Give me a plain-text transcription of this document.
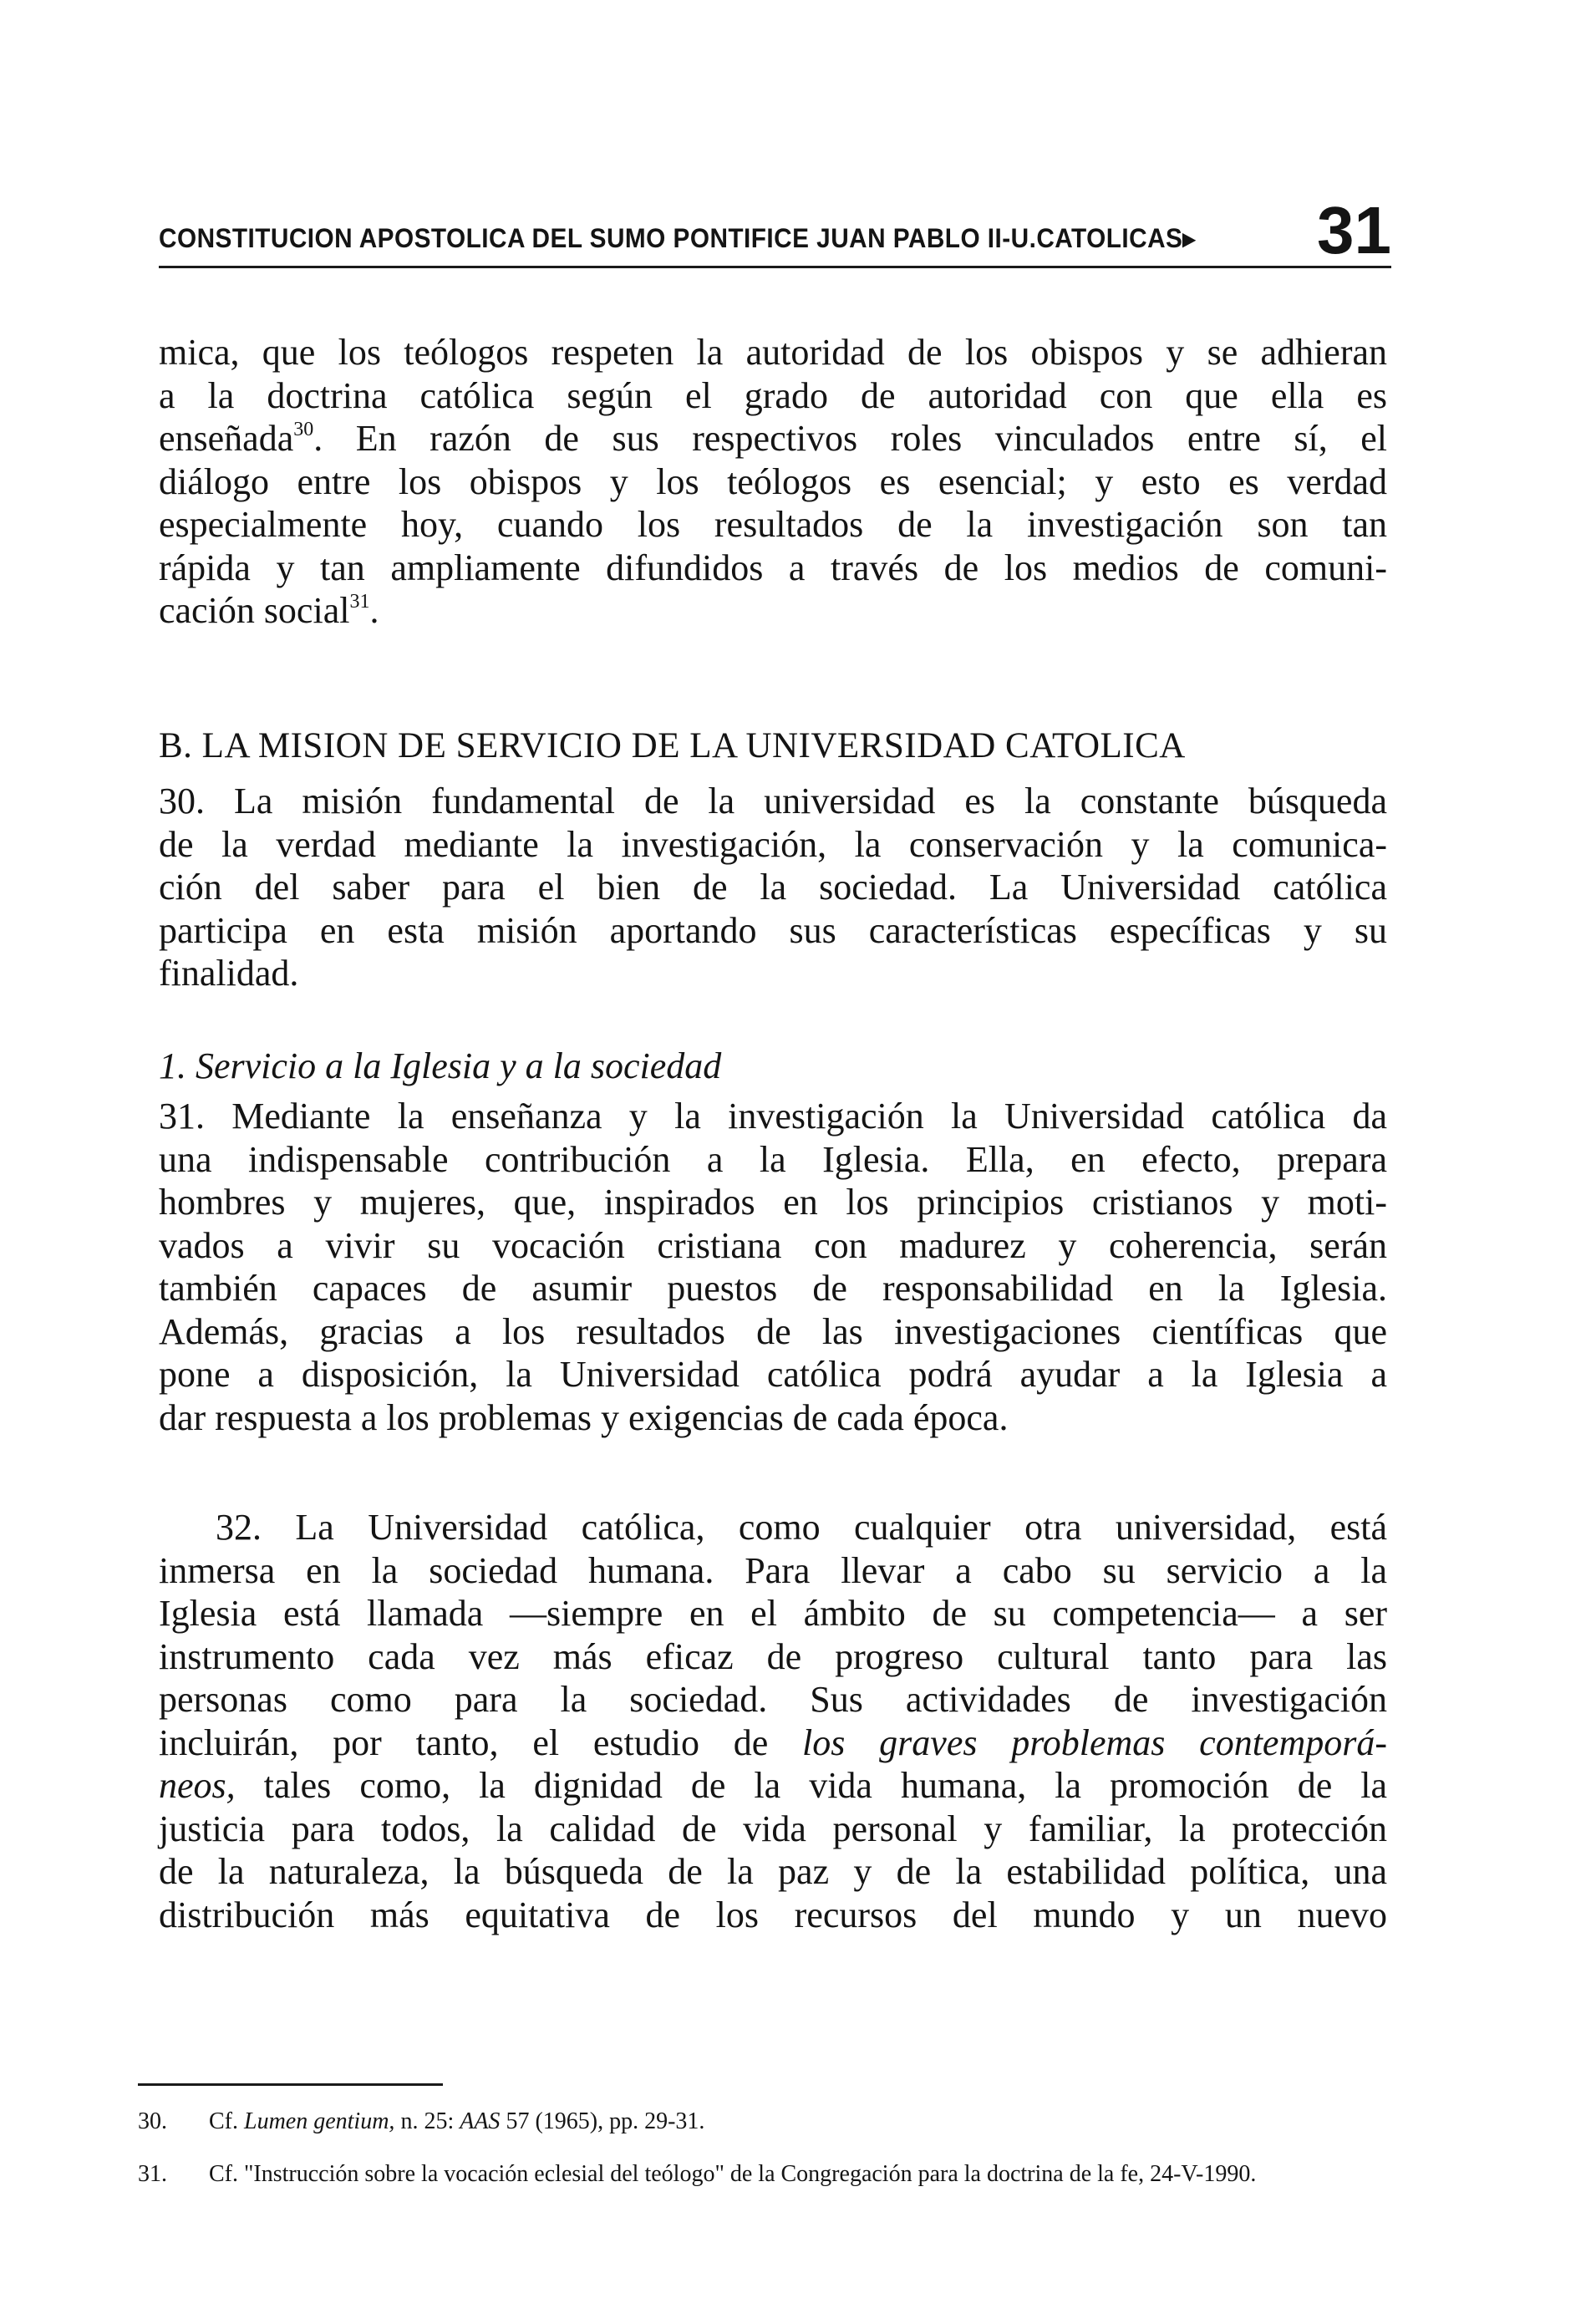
CONSTITUCION APOSTOLICA DEL SUMO PONTIFICE JUAN PABLO II-U.CATOLICAS▸ 31

mica, que los teólogos respeten la autoridad de los obispos y se adhieran
a la doctrina católica según el grado de autoridad con que ella es
enseñada$^{30}$. En razón de sus respectivos roles vinculados entre sí, el
diálogo entre los obispos y los teólogos es esencial; y esto es verdad
especialmente hoy, cuando los resultados de la investigación son tan
rápida y tan ampliamente difundidos a través de los medios de comuni-
cación social$^{31}$.

B. LA MISION DE SERVICIO DE LA UNIVERSIDAD CATOLICA

30. La misión fundamental de la universidad es la constante búsqueda
de la verdad mediante la investigación, la conservación y la comunica-
ción del saber para el bien de la sociedad. La Universidad católica
participa en esta misión aportando sus características específicas y su
finalidad.

1. Servicio a la Iglesia y a la sociedad

31. Mediante la enseñanza y la investigación la Universidad católica da
una indispensable contribución a la Iglesia. Ella, en efecto, prepara
hombres y mujeres, que, inspirados en los principios cristianos y moti-
vados a vivir su vocación cristiana con madurez y coherencia, serán
también capaces de asumir puestos de responsabilidad en la Iglesia.
Además, gracias a los resultados de las investigaciones científicas que
pone a disposición, la Universidad católica podrá ayudar a la Iglesia a
dar respuesta a los problemas y exigencias de cada época.

32. La Universidad católica, como cualquier otra universidad, está
inmersa en la sociedad humana. Para llevar a cabo su servicio a la
Iglesia está llamada —siempre en el ámbito de su competencia— a ser
instrumento cada vez más eficaz de progreso cultural tanto para las
personas como para la sociedad. Sus actividades de investigación
incluirán, por tanto, el estudio de los graves problemas contemporá-
neos, tales como, la dignidad de la vida humana, la promoción de la
justicia para todos, la calidad de vida personal y familiar, la protección
de la naturaleza, la búsqueda de la paz y de la estabilidad política, una
distribución más equitativa de los recursos del mundo y un nuevo

30. Cf. Lumen gentium, n. 25: AAS 57 (1965), pp. 29-31.
31. Cf. "Instrucción sobre la vocación eclesial del teólogo" de la Congregación para la doctrina de la fe, 24-V-1990.
